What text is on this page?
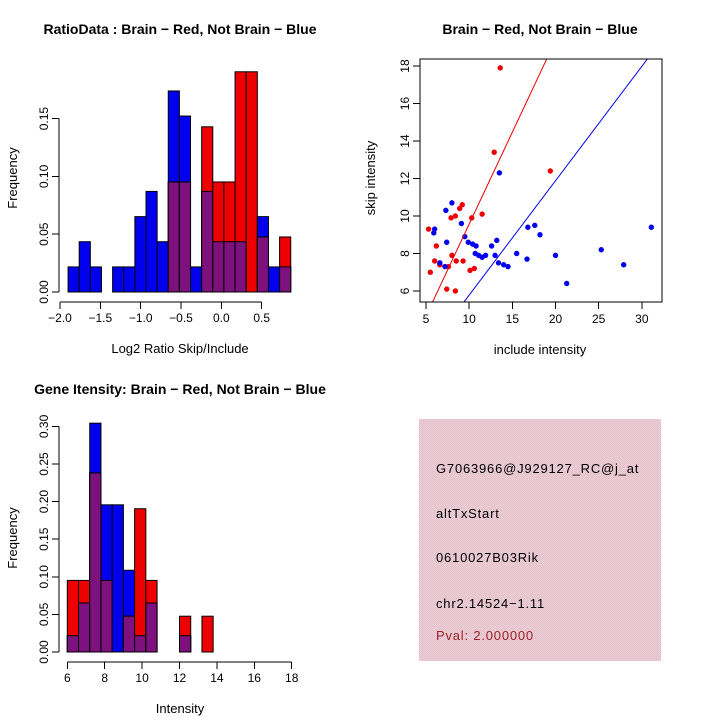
−2.0 −1.5 −1.0 −0.5 0.0 0.5
0.00
0.05
0.10
0.15
5	10 15 20 25 30
6
8
10
12
14
16
18
6	8 10 12 14 16 18
0.00
0.05
0.10
0.15
0.20
0.25
0.30
RatioData : Brain − Red, Not Brain − Blue	Brain − Red, Not Brain − Blue
Gene Itensity: Brain − Red, Not Brain − Blue
Log2 Ratio Skip/Include	include intensity
Intensity
Frequency	skip intensity
Frequency
G7063966@J929127_RC@j_at
altTxStart
0610027B03Rik
chr2.14524−1.11
Pval: 2.000000
